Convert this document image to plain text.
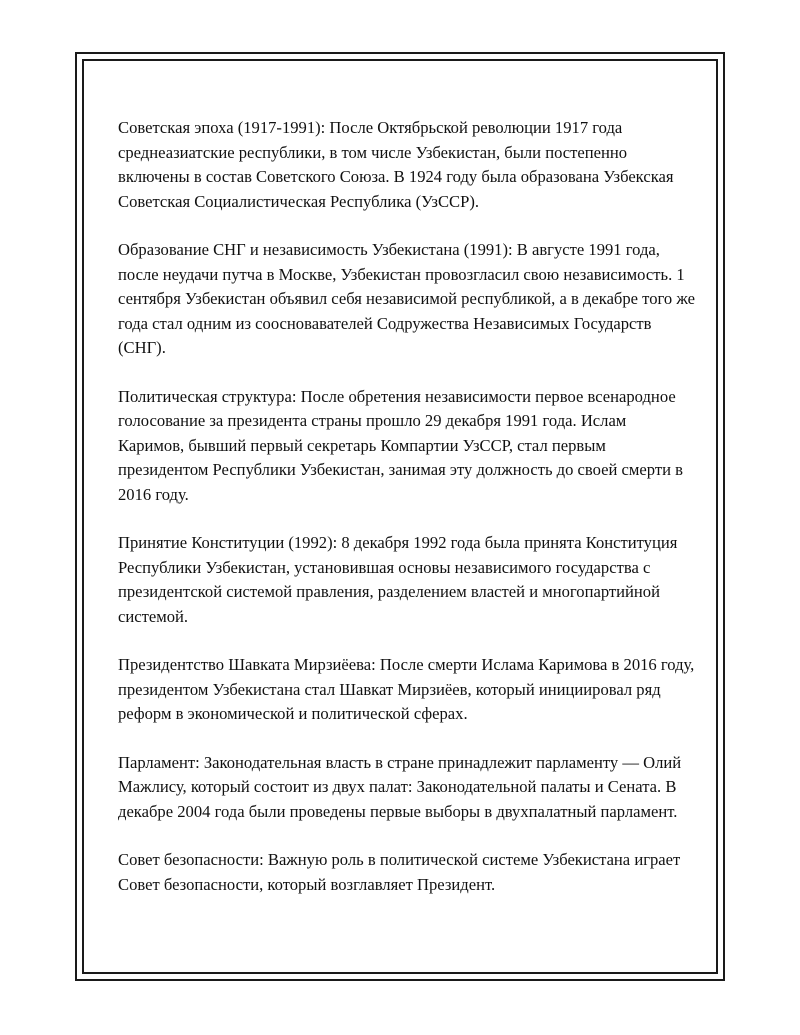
Советская эпоха (1917-1991): После Октябрьской революции 1917 года среднеазиатские республики, в том числе Узбекистан, были постепенно включены в состав Советского Союза. В 1924 году была образована Узбекская Советская Социалистическая Республика (УзССР).

Образование СНГ и независимость Узбекистана (1991): В августе 1991 года, после неудачи путча в Москве, Узбекистан провозгласил свою независимость. 1 сентября Узбекистан объявил себя независимой республикой, а в декабре того же года стал одним из соосновавателей Содружества Независимых Государств (СНГ).

Политическая структура: После обретения независимости первое всенародное голосование за президента страны прошло 29 декабря 1991 года. Ислам Каримов, бывший первый секретарь Компартии УзССР, стал первым президентом Республики Узбекистан, занимая эту должность до своей смерти в 2016 году.

Принятие Конституции (1992): 8 декабря 1992 года была принята Конституция Республики Узбекистан, установившая основы независимого государства с президентской системой правления, разделением властей и многопартийной системой.

Президентство Шавката Мирзиёева: После смерти Ислама Каримова в 2016 году, президентом Узбекистана стал Шавкат Мирзиёев, который инициировал ряд реформ в экономической и политической сферах.

Парламент: Законодательная власть в стране принадлежит парламенту — Олий Мажлису, который состоит из двух палат: Законодательной палаты и Сената. В декабре 2004 года были проведены первые выборы в двухпалатный парламент.

Совет безопасности: Важную роль в политической системе Узбекистана играет Совет безопасности, который возглавляет Президент.
